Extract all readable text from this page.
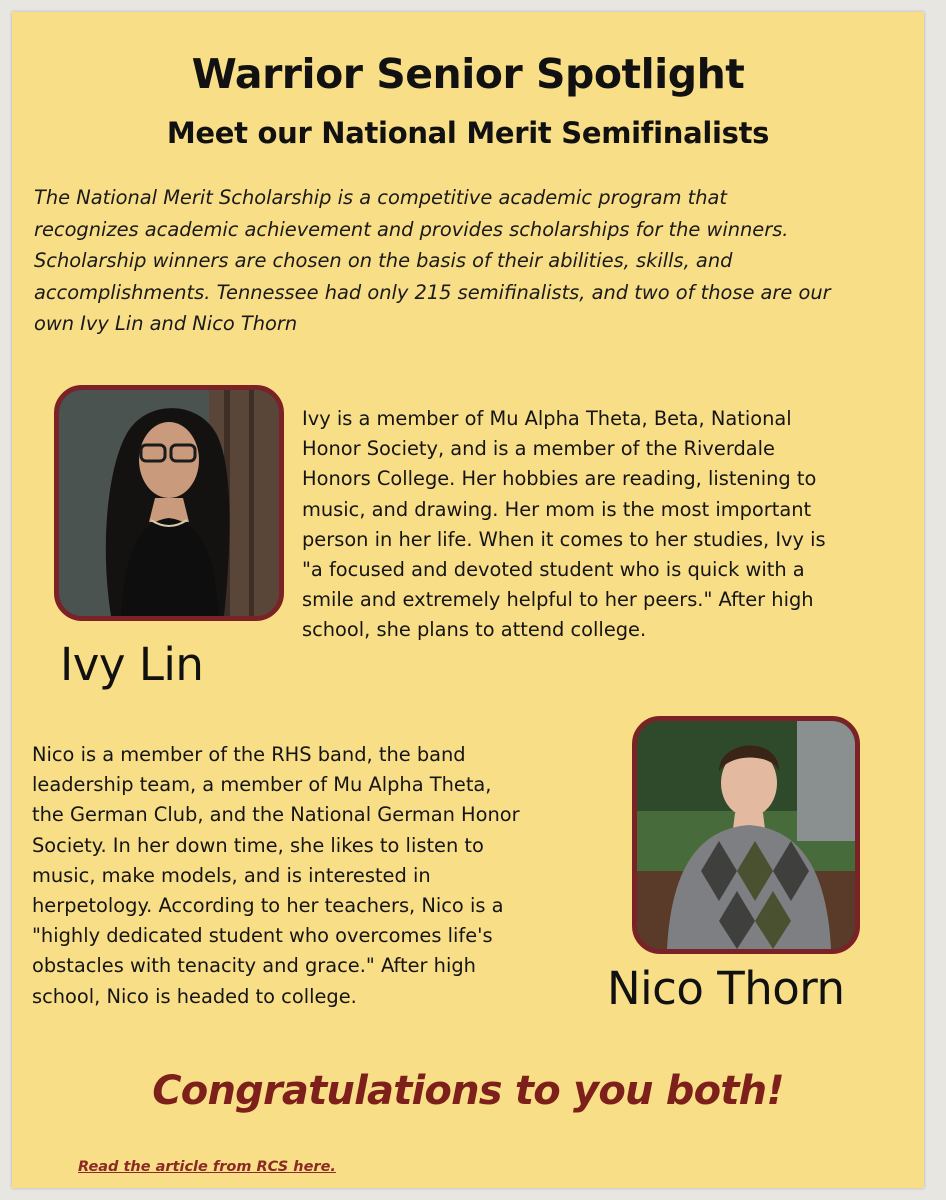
Warrior Senior Spotlight
Meet our National Merit Semifinalists

The National Merit Scholarship is a competitive academic program that
recognizes academic achievement and provides scholarships for the winners.
Scholarship winners are chosen on the basis of their abilities, skills, and
accomplishments. Tennessee had only 215 semifinalists, and two of those are our
own Ivy Lin and Nico Thorn

Ivy Lin

Ivy is a member of Mu Alpha Theta, Beta, National
Honor Society, and is a member of the Riverdale
Honors College. Her hobbies are reading, listening to
music, and drawing. Her mom is the most important
person in her life. When it comes to her studies, Ivy is
"a focused and devoted student who is quick with a
smile and extremely helpful to her peers." After high
school, she plans to attend college.

Nico is a member of the RHS band, the band
leadership team, a member of Mu Alpha Theta,
the German Club, and the National German Honor
Society. In her down time, she likes to listen to
music, make models, and is interested in
herpetology. According to her teachers, Nico is a
"highly dedicated student who overcomes life's
obstacles with tenacity and grace." After high
school, Nico is headed to college.	Nico Thorn
Congratulations to you both!
Read the article from RCS here.
